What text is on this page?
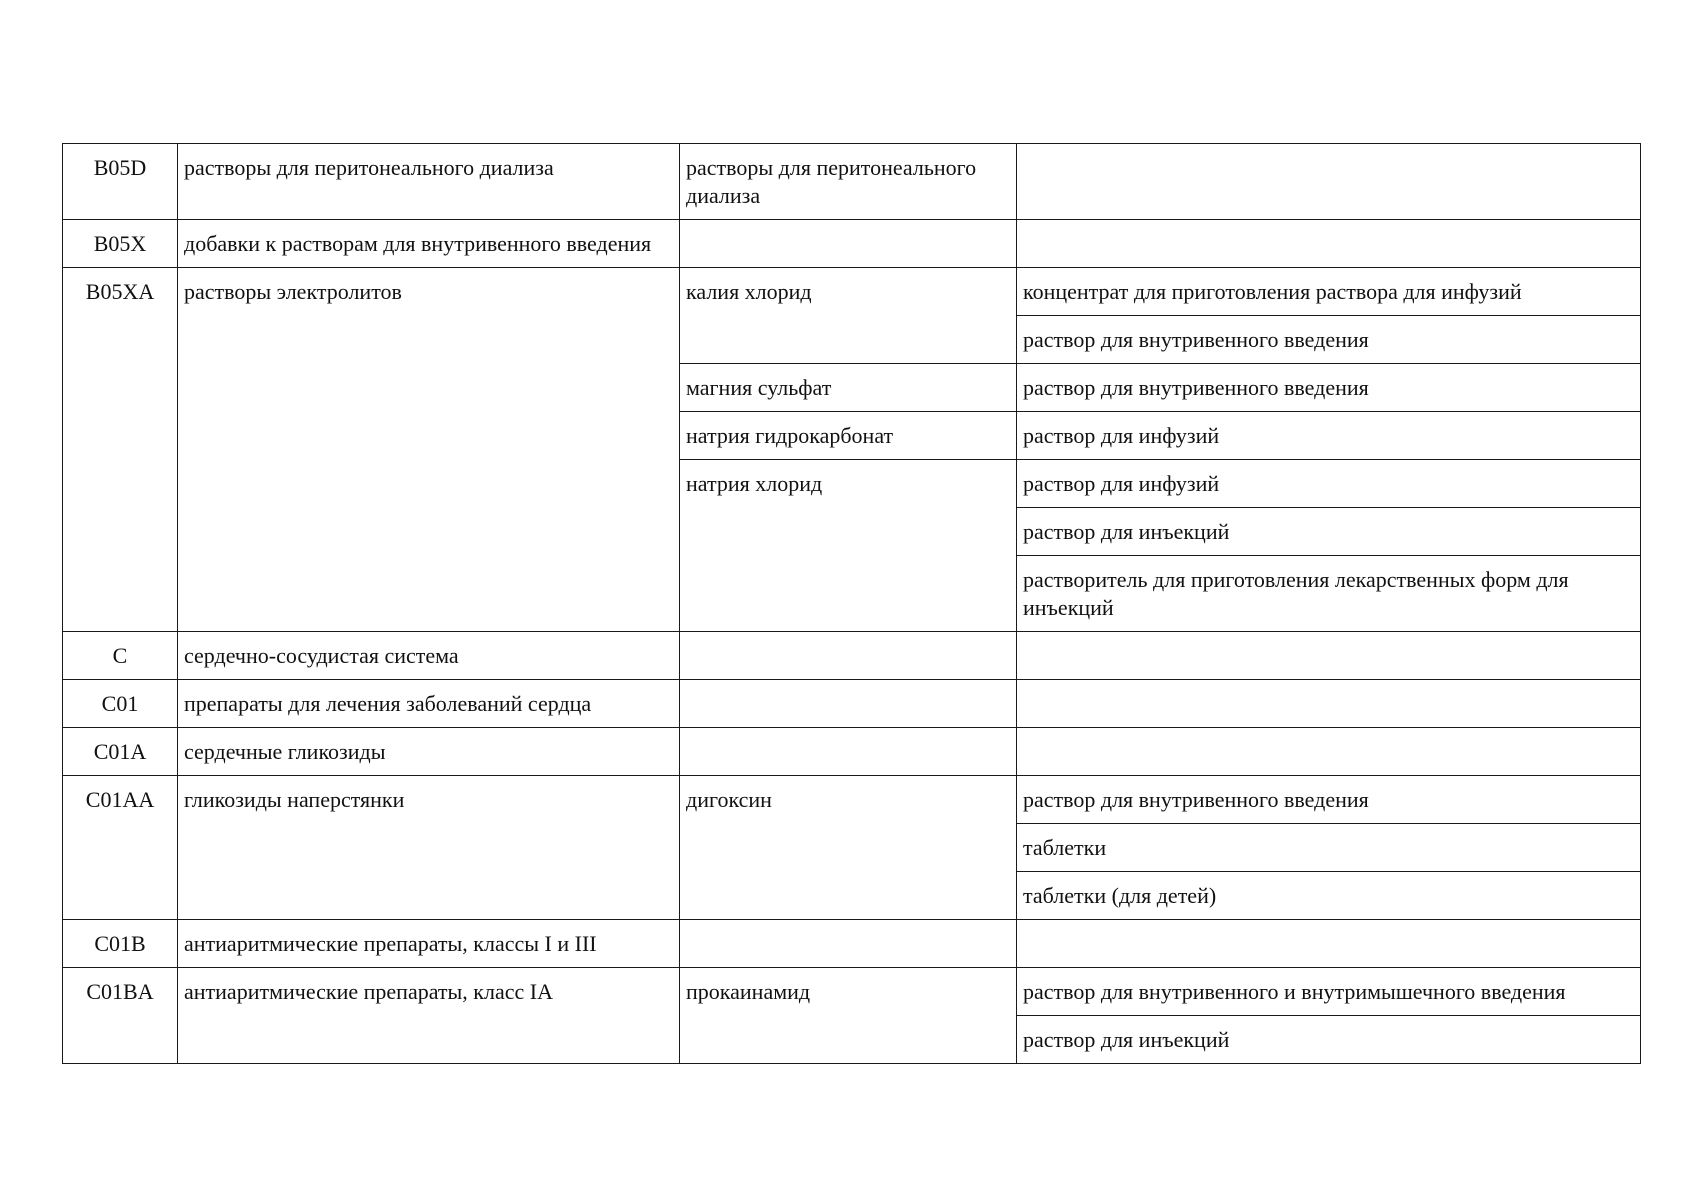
B05D	растворы для перитонеального диализа	растворы для перитонеального диализа	
B05X	добавки к растворам для внутривенного введения		
B05XA	растворы электролитов	калия хлорид	концентрат для приготовления раствора для инфузий
			раствор для внутривенного введения
		магния сульфат	раствор для внутривенного введения
		натрия гидрокарбонат	раствор для инфузий
		натрия хлорид	раствор для инфузий
			раствор для инъекций
			растворитель для приготовления лекарственных форм для инъекций
C	сердечно-сосудистая система		
C01	препараты для лечения заболеваний сердца		
C01A	сердечные гликозиды		
C01AA	гликозиды наперстянки	дигоксин	раствор для внутривенного введения
			таблетки
			таблетки (для детей)
C01B	антиаритмические препараты, классы I и III		
C01BA	антиаритмические препараты, класс IA	прокаинамид	раствор для внутривенного и внутримышечного введения
			раствор для инъекций
